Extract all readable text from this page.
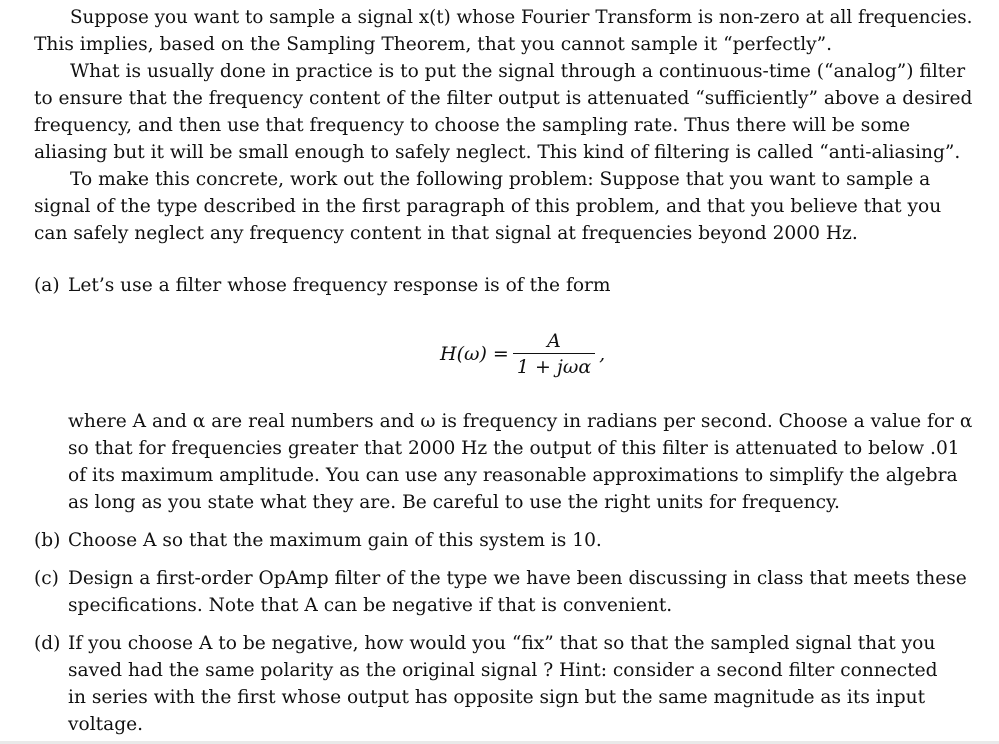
Suppose you want to sample a signal x(t) whose Fourier Transform is non-zero at all frequencies.
This implies, based on the Sampling Theorem, that you cannot sample it “perfectly”.
What is usually done in practice is to put the signal through a continuous-time (“analog”) filter
to ensure that the frequency content of the filter output is attenuated “sufficiently” above a desired
frequency, and then use that frequency to choose the sampling rate. Thus there will be some
aliasing but it will be small enough to safely neglect. This kind of filtering is called “anti-aliasing”.
To make this concrete, work out the following problem: Suppose that you want to sample a
signal of the type described in the first paragraph of this problem, and that you believe that you
can safely neglect any frequency content in that signal at frequencies beyond 2000 Hz.
(a) Let’s use a filter whose frequency response is of the form
$H(\omega) = \frac{A}{\text{1 + jωα}}$ ,
where A and α are real numbers and ω is frequency in radians per second. Choose a value for α
so that for frequencies greater that 2000 Hz the output of this filter is attenuated to below .01
of its maximum amplitude. You can use any reasonable approximations to simplify the algebra
as long as you state what they are. Be careful to use the right units for frequency.
(b) Choose A so that the maximum gain of this system is 10.
(c) Design a first-order OpAmp filter of the type we have been discussing in class that meets these
specifications. Note that A can be negative if that is convenient.
(d) If you choose A to be negative, how would you “fix” that so that the sampled signal that you
saved had the same polarity as the original signal ? Hint: consider a second filter connected
in series with the first whose output has opposite sign but the same magnitude as its input
voltage.
